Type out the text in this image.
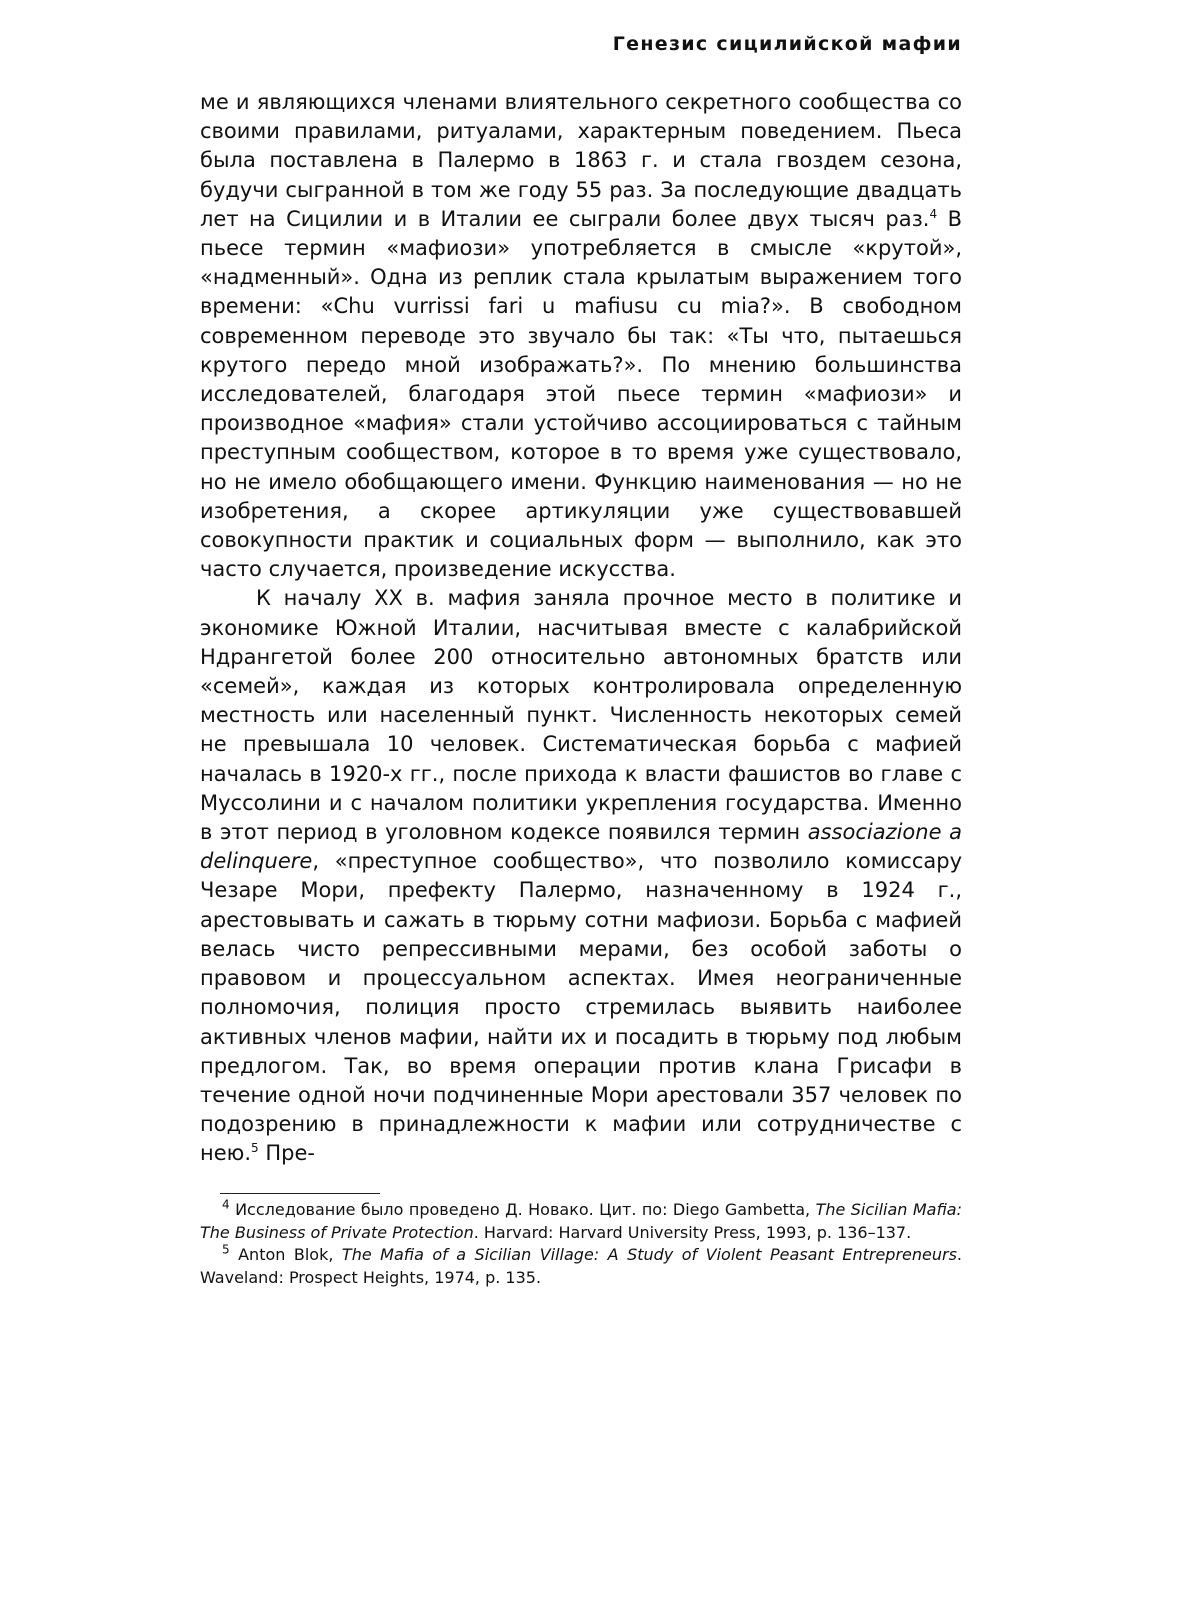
Генезис сицилийской мафии

ме и являющихся членами влиятельного секретного сообщества со своими правилами, ритуалами, характерным поведением. Пьеса была поставлена в Палермо в 1863 г. и стала гвоздем сезона, будучи сыгранной в том же году 55 раз. За последующие двадцать лет на Сицилии и в Италии ее сыграли более двух тысяч раз.$^4$ В пьесе термин «мафиози» употребляется в смысле «крутой», «надменный». Одна из реплик стала крылатым выражением того времени: «Chu vurrissi fari u mafiusu cu mia?». В свободном современном переводе это звучало бы так: «Ты что, пытаешься крутого передо мной изображать?». По мнению большинства исследователей, благодаря этой пьесе термин «мафиози» и производное «мафия» стали устойчиво ассоциироваться с тайным преступным сообществом, которое в то время уже существовало, но не имело обобщающего имени. Функцию наименования — но не изобретения, а скорее артикуляции уже существовавшей совокупности практик и социальных форм — выполнило, как это часто случается, произведение искусства.

К началу XX в. мафия заняла прочное место в политике и экономике Южной Италии, насчитывая вместе с калабрийской Ндрангетой более 200 относительно автономных братств или «семей», каждая из которых контролировала определенную местность или населенный пункт. Численность некоторых семей не превышала 10 человек. Систематическая борьба с мафией началась в 1920-х гг., после прихода к власти фашистов во главе с Муссолини и с началом политики укрепления государства. Именно в этот период в уголовном кодексе появился термин associazione a delinquere, «преступное сообщество», что позволило комиссару Чезаре Мори, префекту Палермо, назначенному в 1924 г., арестовывать и сажать в тюрьму сотни мафиози. Борьба с мафией велась чисто репрессивными мерами, без особой заботы о правовом и процессуальном аспектах. Имея неограниченные полномочия, полиция просто стремилась выявить наиболее активных членов мафии, найти их и посадить в тюрьму под любым предлогом. Так, во время операции против клана Грисафи в течение одной ночи подчиненные Мори арестовали 357 человек по подозрению в принадлежности к мафии или сотрудничестве с нею.$^5$ Пре-

$^4$ Исследование было проведено Д. Новако. Цит. по: Diego Gambetta, The Sicilian Mafia: The Business of Private Protection. Harvard: Harvard University Press, 1993, p. 136–137.

$^5$ Anton Blok, The Mafia of a Sicilian Village: A Study of Violent Peasant Entrepreneurs. Waveland: Prospect Heights, 1974, p. 135.
